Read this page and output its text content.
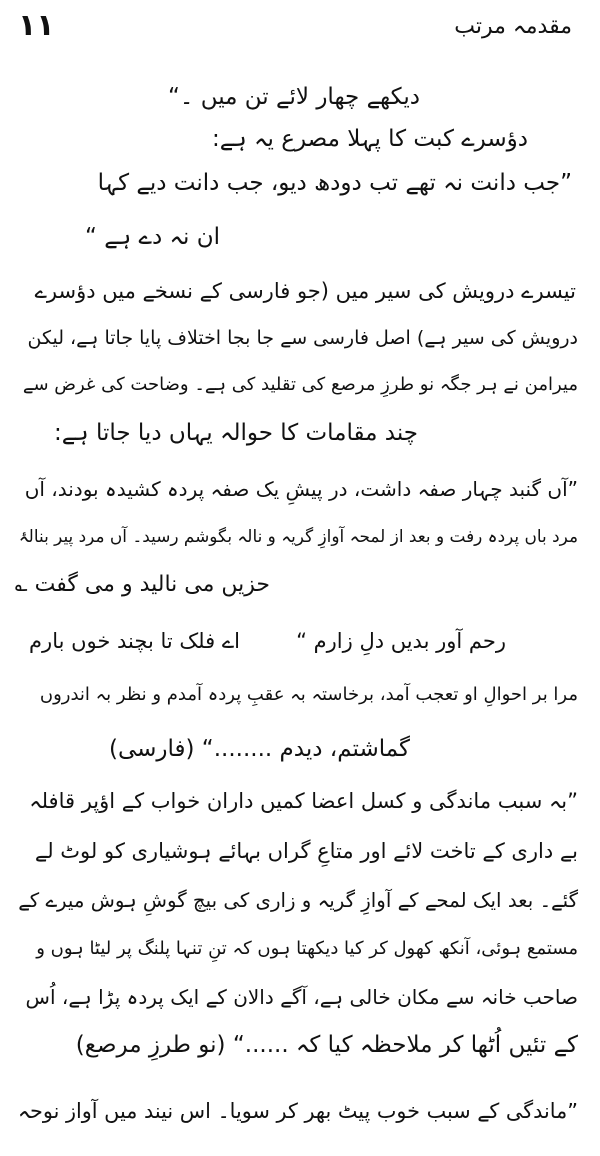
۱۱	مقدمہ مرتب
دیکھے چھار لائے تن میں ۔“
دؤسرے کبت کا پہلا مصرع یہ ہے:
”جب دانت نہ تھے تب دودھ دیو، جب دانت دیے کہا
ان نہ دے ہے “
تیسرے درویش کی سیر میں (جو فارسی کے نسخے میں دؤسرے
درویش کی سیر ہے) اصل فارسی سے جا بجا اختلاف پایا جاتا ہے، لیکن
میرامن نے ہر جگہ نو طرزِ مرصع کی تقلید کی ہے۔ وضاحت کی غرض سے
چند مقامات کا حوالہ یہاں دیا جاتا ہے:
”آں گنبد چہار صفہ داشت، در پیشِ یک صفہ پردہ کشیدہ بودند، آں
مرد باں پردہ رفت و بعد از لمحہ آوازِ گریہ و نالہ بگوشم رسید۔ آں مرد پیر بنالۂ
حزیں می نالید و می گفت ؎
اے فلک تا بچند خوں بارم	رحم آور بدیں دلِ زارم “
مرا بر احوالِ او تعجب آمد، برخاستہ بہ عقبِ پردہ آمدم و نظر بہ اندروں
گماشتم، دیدم ........“ (فارسی)
”بہ سبب ماندگی و کسل اعضا کمیں داران خواب کے اؤپر قافلہ
بے داری کے تاخت لائے اور متاعِ گراں بہائے ہوشیاری کو لوٹ لے
گئے۔ بعد ایک لمحے کے آوازِ گریہ و زاری کی بیچ گوشِ ہوش میرے کے
مستمع ہوئی، آنکھ کھول کر کیا دیکھتا ہوں کہ تنِ تنہا پلنگ پر لیٹا ہوں و
صاحب خانہ سے مکان خالی ہے، آگے دالان کے ایک پردہ پڑا ہے، اُس
کے تئیں اُٹھا کر ملاحظہ کیا کہ ......“ (نو طرزِ مرصع)
”ماندگی کے سبب خوب پیٹ بھر کر سویا۔ اس نیند میں آواز نوحہ
